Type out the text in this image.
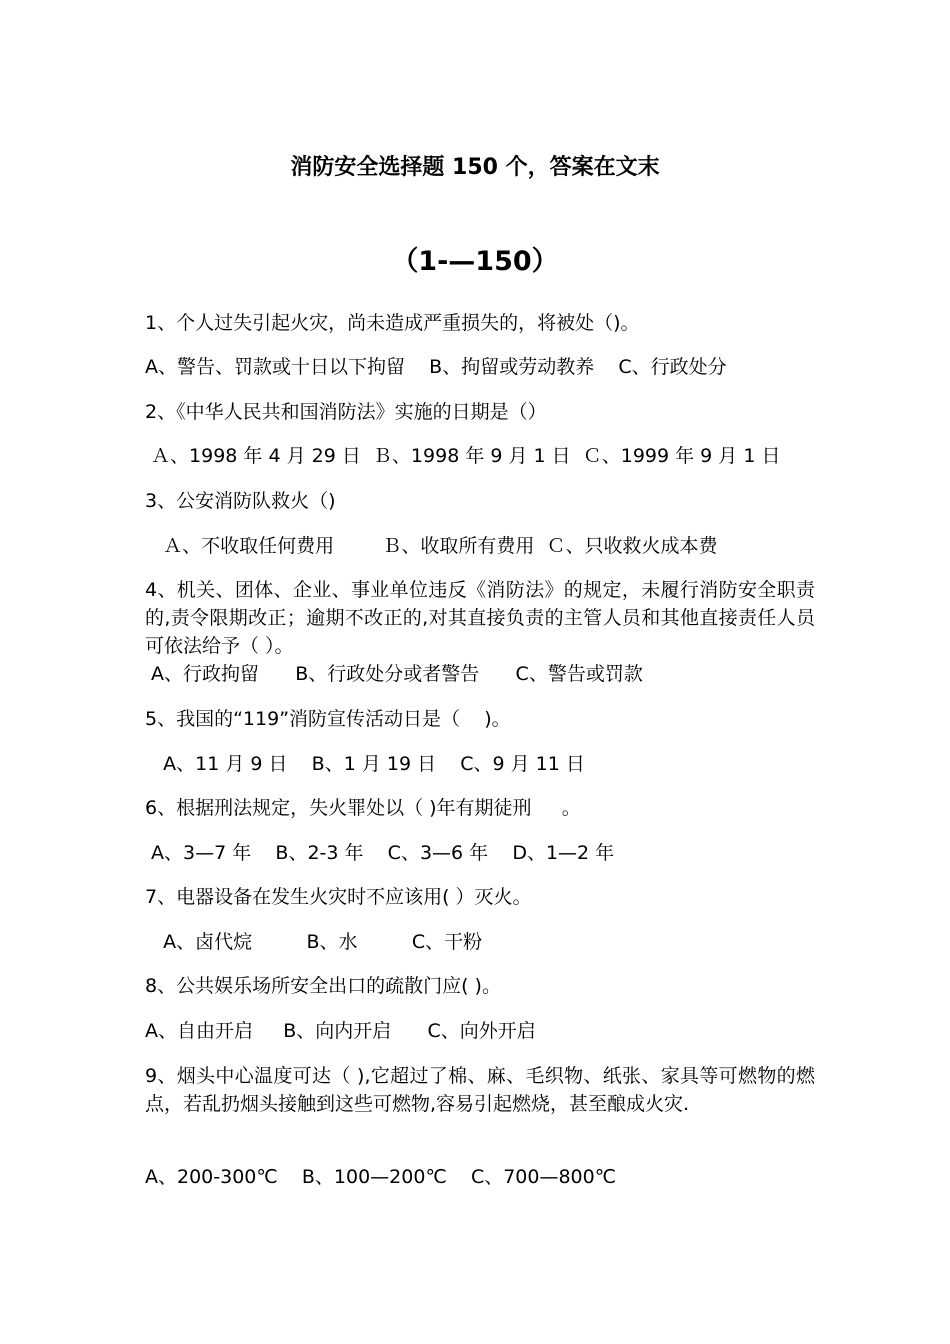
消防安全选择题 150 个，答案在文末
（1-—150）
1、个人过失引起火灾，尚未造成严重损失的，将被处（)。
A、警告、罚款或十日以下拘留    B、拘留或劳动教养    C、行政处分
2、《中华人民共和国消防法》实施的日期是（）
Ａ、1998 年 4 月 29 日  Ｂ、1998 年 9 月 1 日  Ｃ、1999 年 9 月 1 日
3、公安消防队救火（)
Ａ、不收取任何费用        Ｂ、收取所有费用  Ｃ、只收救火成本费
4、机关、团体、企业、事业单位违反《消防法》的规定，未履行消防安全职责的,责令限期改正；逾期不改正的,对其直接负责的主管人员和其他直接责任人员可依法给予（ ）。
A、行政拘留      B、行政处分或者警告      C、警告或罚款
5、我国的“119”消防宣传活动日是（    )。
A、11 月 9 日    B、1 月 19 日    C、9 月 11 日
6、根据刑法规定，失火罪处以（ )年有期徒刑     。
A、3—7 年    B、2-3 年    C、3—6 年    D、1—2 年
7、电器设备在发生火灾时不应该用( ）灭火。
A、卤代烷         B、水         C、干粉
8、公共娱乐场所安全出口的疏散门应( )。
A、自由开启     B、向内开启      C、向外开启
9、烟头中心温度可达（ ),它超过了棉、麻、毛织物、纸张、家具等可燃物的燃点，若乱扔烟头接触到这些可燃物,容易引起燃烧，甚至酿成火灾.
A、200-300℃    B、100—200℃    C、700—800℃
